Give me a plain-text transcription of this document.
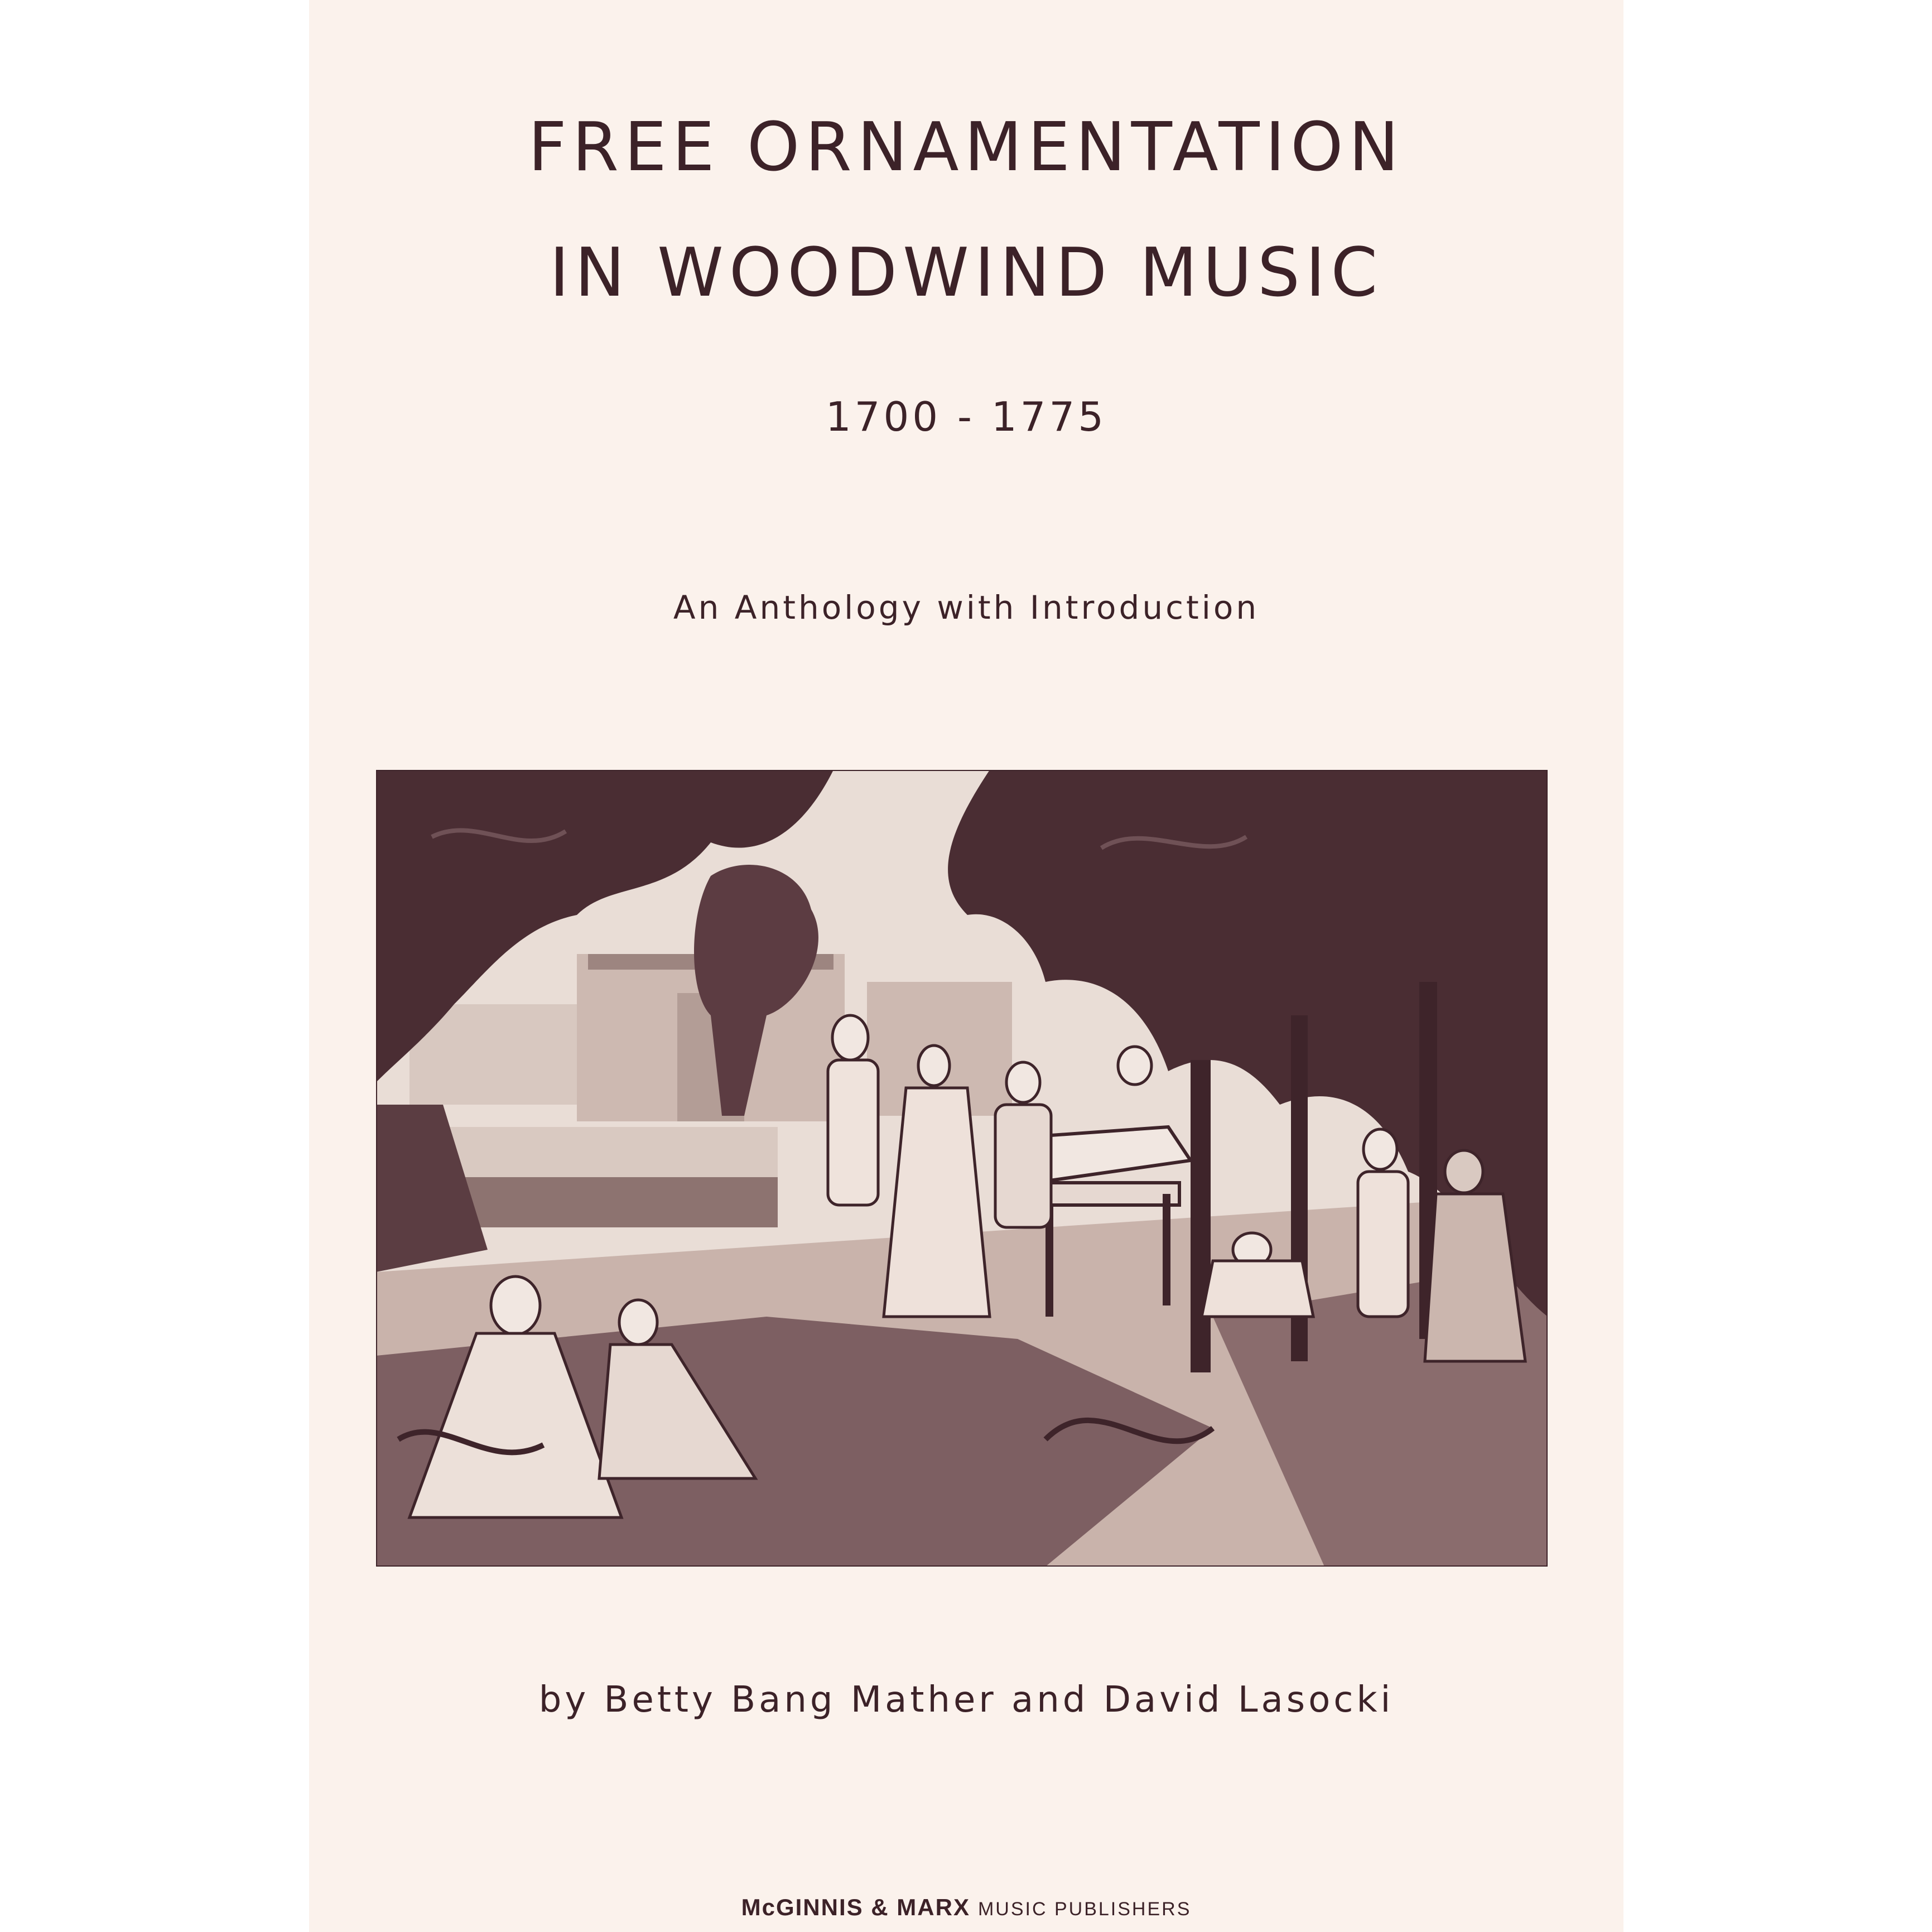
FREE ORNAMENTATION
IN WOODWIND MUSIC
1700 - 1775
An Anthology with Introduction
by Betty Bang Mather and David Lasocki
McGINNIS & MARX MUSIC PUBLISHERS
